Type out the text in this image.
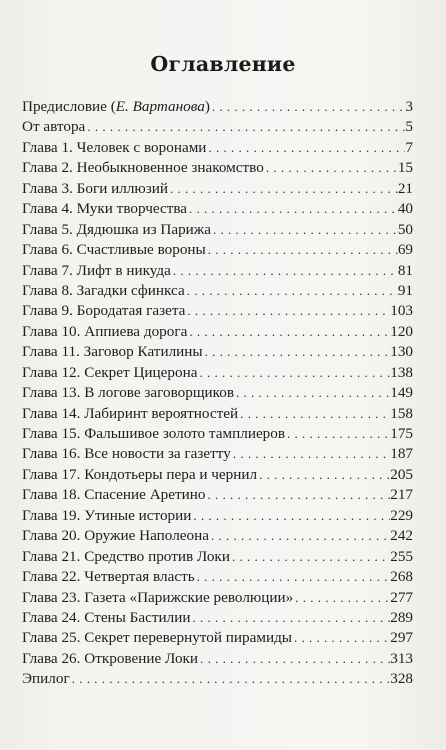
Оглавление
Предисловие (Е. Вартанова) . . .	3
От автора . . .	5
Глава 1. Человек с воронами . . .	7
Глава 2. Необыкновенное знакомство . . .	15
Глава 3. Боги иллюзий . . .	21
Глава 4. Муки творчества . . .	40
Глава 5. Дядюшка из Парижа . . .	50
Глава 6. Счастливые вороны . . .	69
Глава 7. Лифт в никуда . . .	81
Глава 8. Загадки сфинкса . . .	91
Глава 9. Бородатая газета . . .	103
Глава 10. Аппиева дорога . . .	120
Глава 11. Заговор Катилины . . .	130
Глава 12. Секрет Цицерона . . .	138
Глава 13. В логове заговорщиков . . .	149
Глава 14. Лабиринт вероятностей . . .	158
Глава 15. Фальшивое золото тамплиеров . . .	175
Глава 16. Все новости за газетту . . .	187
Глава 17. Кондотьеры пера и чернил . . .	205
Глава 18. Спасение Аретино . . .	217
Глава 19. Утиные истории . . .	229
Глава 20. Оружие Наполеона . . .	242
Глава 21. Средство против Локи . . .	255
Глава 22. Четвертая власть . . .	268
Глава 23. Газета «Парижские революции» . . .	277
Глава 24. Стены Бастилии . . .	289
Глава 25. Секрет перевернутой пирамиды . . .	297
Глава 26. Откровение Локи . . .	313
Эпилог . . .	328
